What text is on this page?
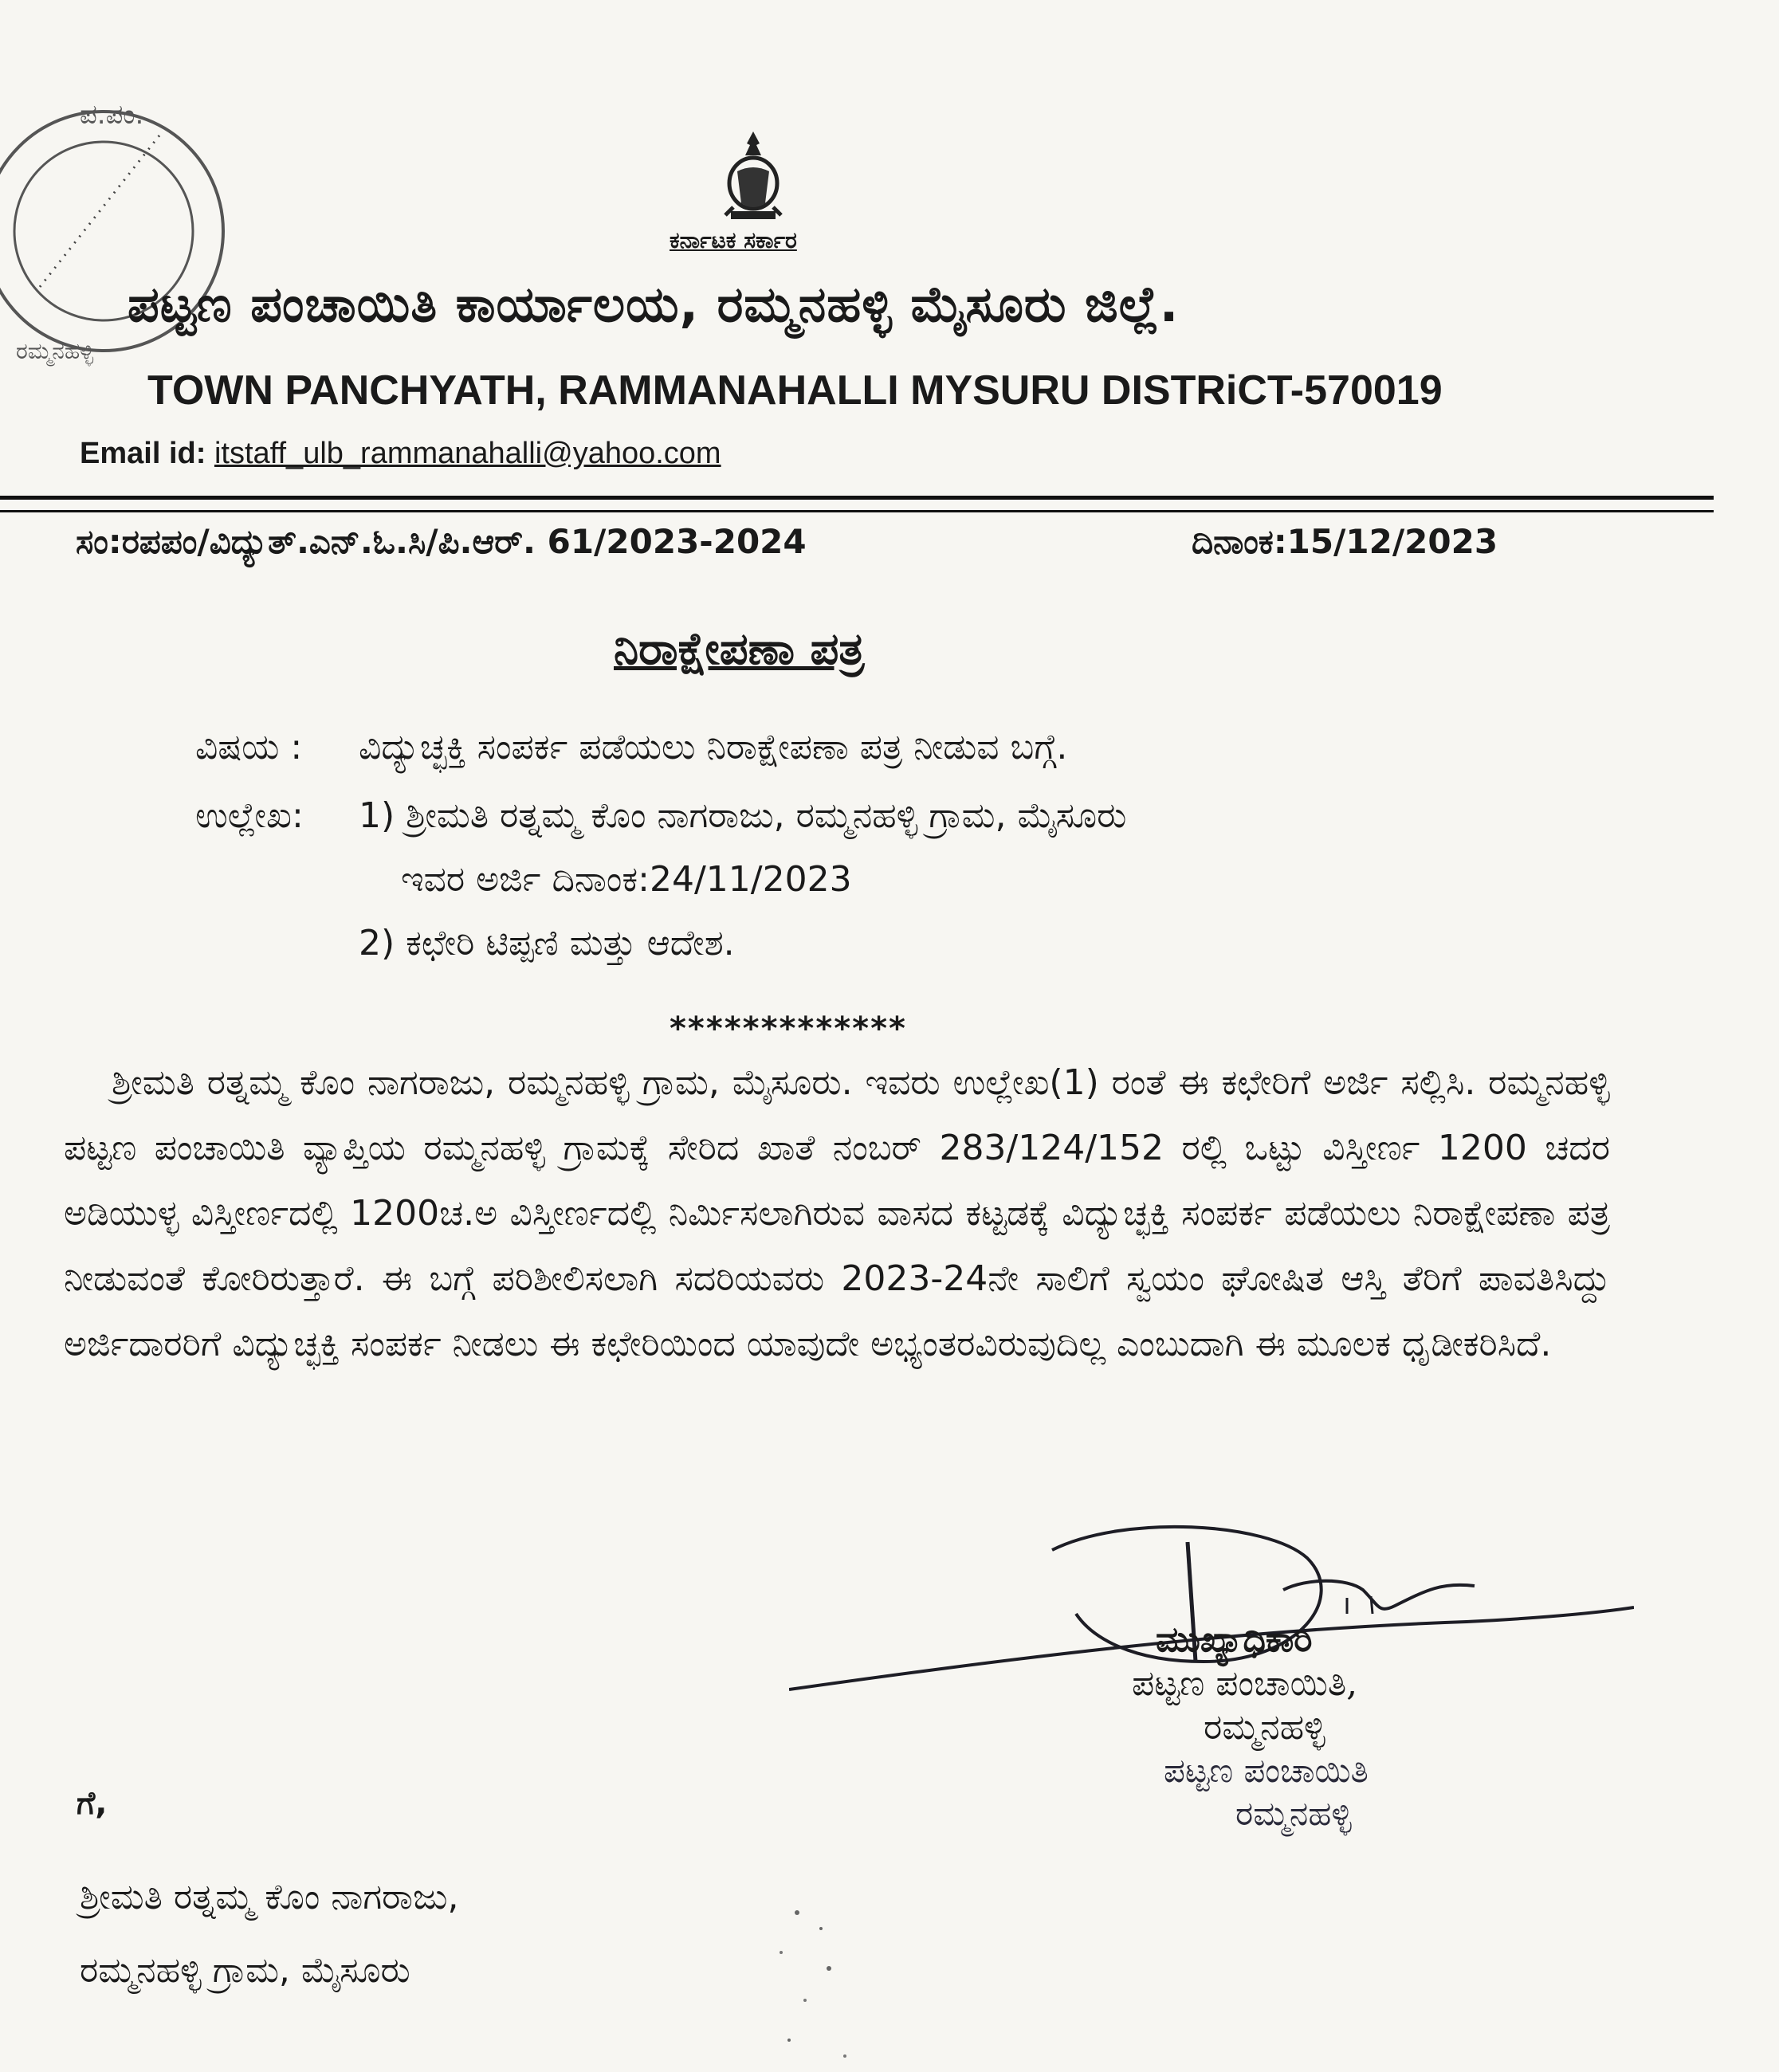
ಪ.ಪಂ.
ರಮ್ಮನಹಳ್ಳಿ
ಕರ್ನಾಟಕ ಸರ್ಕಾರ
ಪಟ್ಟಣ ಪಂಚಾಯಿತಿ ಕಾರ್ಯಾಲಯ, ರಮ್ಮನಹಳ್ಳಿ ಮೈಸೂರು ಜಿಲ್ಲೆ.
TOWN PANCHYATH, RAMMANAHALLI MYSURU DISTRiCT-570019
Email id: itstaff_ulb_rammanahalli@yahoo.com
ಸಂ:ರಪಪಂ/ವಿದ್ಯುತ್.ಎನ್.ಓ.ಸಿ/ಪಿ.ಆರ್. 61/2023-2024	ದಿನಾಂಕ:15/12/2023
ನಿರಾಕ್ಷೇಪಣಾ ಪತ್ರ
ವಿಷಯ : ವಿದ್ಯುಚ್ಛಕ್ತಿ ಸಂಪರ್ಕ ಪಡೆಯಲು ನಿರಾಕ್ಷೇಪಣಾ ಪತ್ರ ನೀಡುವ ಬಗ್ಗೆ.
ಉಲ್ಲೇಖ: 1) ಶ್ರೀಮತಿ ರತ್ನಮ್ಮ ಕೊಂ ನಾಗರಾಜು, ರಮ್ಮನಹಳ್ಳಿ ಗ್ರಾಮ, ಮೈಸೂರು
ಇವರ ಅರ್ಜಿ ದಿನಾಂಕ:24/11/2023
2) ಕಛೇರಿ ಟಿಪ್ಪಣಿ ಮತ್ತು ಆದೇಶ.
*************
ಶ್ರೀಮತಿ ರತ್ನಮ್ಮ ಕೊಂ ನಾಗರಾಜು, ರಮ್ಮನಹಳ್ಳಿ ಗ್ರಾಮ, ಮೈಸೂರು. ಇವರು ಉಲ್ಲೇಖ(1) ರಂತೆ ಈ ಕಛೇರಿಗೆ ಅರ್ಜಿ ಸಲ್ಲಿಸಿ. ರಮ್ಮನಹಳ್ಳಿ ಪಟ್ಟಣ ಪಂಚಾಯಿತಿ ವ್ಯಾಪ್ತಿಯ ರಮ್ಮನಹಳ್ಳಿ ಗ್ರಾಮಕ್ಕೆ ಸೇರಿದ ಖಾತೆ ನಂಬರ್ 283/124/152 ರಲ್ಲಿ ಒಟ್ಟು ವಿಸ್ತೀರ್ಣ 1200 ಚದರ ಅಡಿಯುಳ್ಳ ವಿಸ್ತೀರ್ಣದಲ್ಲಿ 1200ಚ.ಅ ವಿಸ್ತೀರ್ಣದಲ್ಲಿ ನಿರ್ಮಿಸಲಾಗಿರುವ ವಾಸದ ಕಟ್ಟಡಕ್ಕೆ ವಿದ್ಯುಚ್ಛಕ್ತಿ ಸಂಪರ್ಕ ಪಡೆಯಲು ನಿರಾಕ್ಷೇಪಣಾ ಪತ್ರ ನೀಡುವಂತೆ ಕೋರಿರುತ್ತಾರೆ. ಈ ಬಗ್ಗೆ ಪರಿಶೀಲಿಸಲಾಗಿ ಸದರಿಯವರು 2023-24ನೇ ಸಾಲಿಗೆ ಸ್ವಯಂ ಘೋಷಿತ ಆಸ್ತಿ ತೆರಿಗೆ ಪಾವತಿಸಿದ್ದು ಅರ್ಜಿದಾರರಿಗೆ ವಿದ್ಯುಚ್ಛಕ್ತಿ ಸಂಪರ್ಕ ನೀಡಲು ಈ ಕಛೇರಿಯಿಂದ ಯಾವುದೇ ಅಭ್ಯಂತರವಿರುವುದಿಲ್ಲ ಎಂಬುದಾಗಿ ಈ ಮೂಲಕ ಧೃಡೀಕರಿಸಿದೆ.
ಮುಖ್ಯಾಧಿಕಾರಿ
ಪಟ್ಟಣ ಪಂಚಾಯಿತಿ,
ರಮ್ಮನಹಳ್ಳಿ
ಪಟ್ಟಣ ಪಂಚಾಯಿತಿ
ರಮ್ಮನಹಳ್ಳಿ
ಗೆ,
ಶ್ರೀಮತಿ ರತ್ನಮ್ಮ ಕೊಂ ನಾಗರಾಜು,
ರಮ್ಮನಹಳ್ಳಿ ಗ್ರಾಮ, ಮೈಸೂರು
